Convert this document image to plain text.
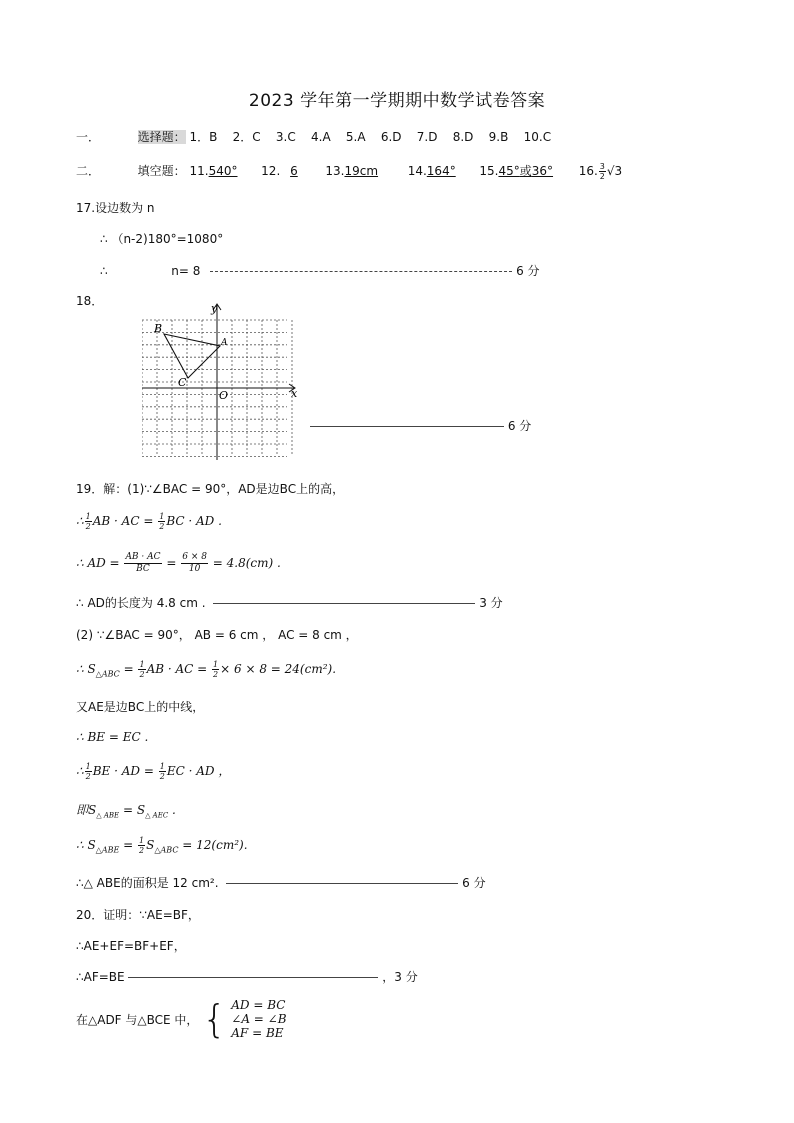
2023 学年第一学期期中数学试卷答案
一．	选择题： 1．B    2．C    3.C    4.A    5.A    6.D    7.D    8.D    9.B    10.C
二．	填空题： 11.540° 12. 6 13.19cm 14.164° 15.45°或36° 16. $\frac{3}{2} √3$
17.设边数为 n
∴ （n-2)180°=1080°
∴	n= 8	6 分
18．
B
A
C
O	x
y
6 分
19．解：(1)∵∠BAC = 90°，AD是边BC上的高，
∴ $\frac{1}{2}$ AB · AC = $\frac{1}{2}$ BC · AD .
∴ AD = $\frac{AB \cdot AC}{BC} = \frac{6 \times 8}{10} = 4.8(cm)$ .
∴ AD的长度为 4.8 cm .	3 分
(2) ∵∠BAC = 90°， AB = 6 cm ， AC = 8 cm ，
∴ $S_{\triangle ABC} = \frac{1}{2}$ AB · AC = $\frac{1}{2} \times 6 \times 8 = 24(cm^2)$.
又AE是边BC上的中线，
∴ BE = EC .
∴ $\frac{1}{2}$ BE · AD = $\frac{1}{2}$ EC · AD ，
即$S_{\triangle ABE} = S_{\triangle AEC}$ .
∴ $S_{\triangle ABE} = \frac{1}{2} S_{\triangle ABC} = 12(cm^2)$.
∴△ ABE的面积是 12 cm².	6 分
20．证明：∵AE=BF，
∴AE+EF=BF+EF，
∴AF=BE	，3 分
在△ADF 与△BCE 中， { AD = BC
∠A = ∠B
AF = BE
